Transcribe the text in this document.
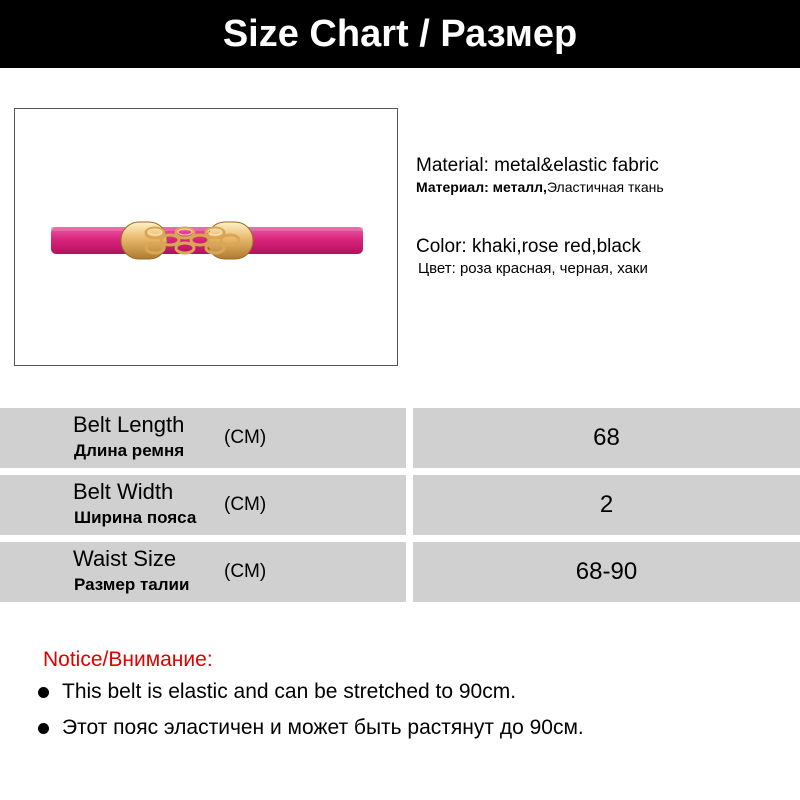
Size Chart / Размер
Material: metal&elastic fabric
Материал: металл,Эластичная ткань
Color: khaki,rose red,black
Цвет: роза красная, черная, хаки
Belt Length
Длина ремня
(CM)	68
Belt Width
Ширина пояса
(CM)	2
Waist Size
Размер талии
(CM)	68-90
Notice/Внимание:
This belt is elastic and can be stretched to 90cm.
Этот пояс эластичен и может быть растянут до 90см.
